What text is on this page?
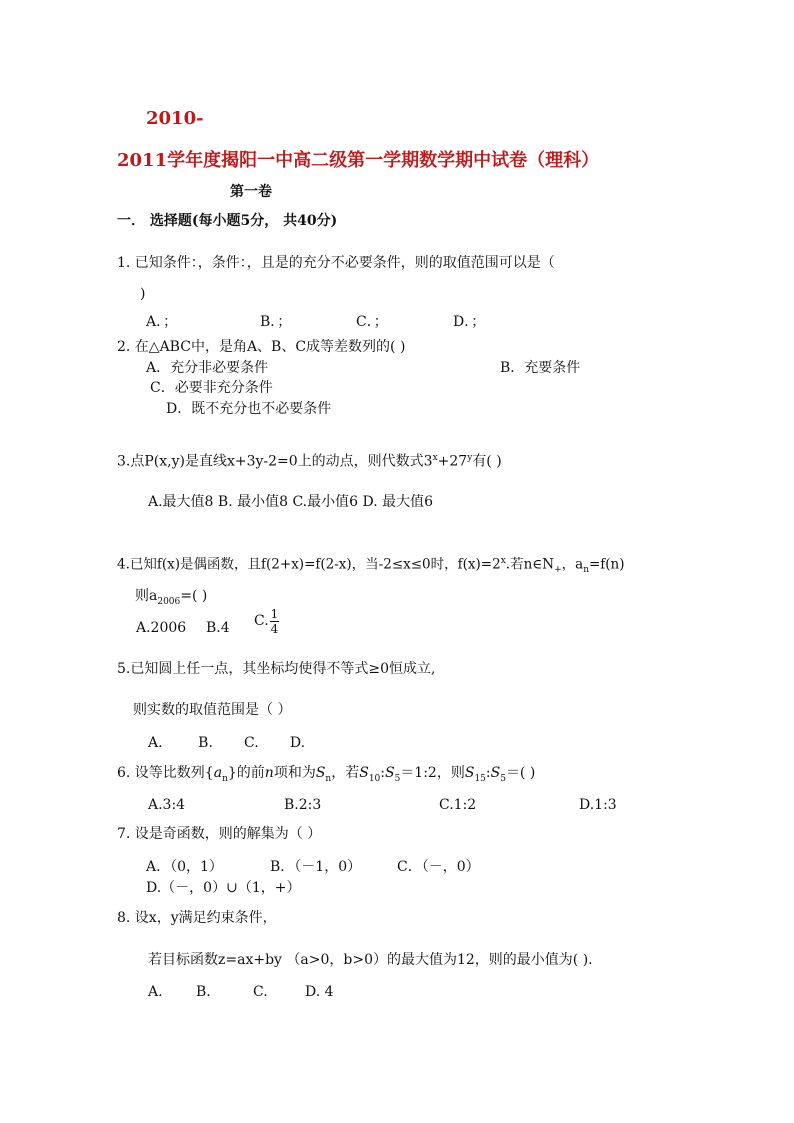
2010-
2011学年度揭阳一中高二级第一学期数学期中试卷（理科）
第一卷
一． 选择题(每小题5分， 共40分)
1. 已知条件：，条件：，且是的充分不必要条件，则的取值范围可以是（
)
A．；	B．；	C．；	D．；
2. 在△ABC中，是角A、B、C成等差数列的( )
A．充分非必要条件	B．充要条件
C．必要非充分条件
D．既不充分也不必要条件
3.点P(x,y)是直线x+3y-2=0上的动点，则代数式$3^x+27^y$有( )
A.最大值8 B. 最小值8 C.最小值6 D. 最大值6
4.已知f(x)是偶函数，且f(2+x)=f(2-x)，当-2≤x≤0时，$f(x)=2^x$.若$n\in N_+$，$a_n=f(n)$
则$a_{2006}=$( )
A.2006 B.4 C. $\frac{1}{4}$
5.已知圆上任一点，其坐标均使得不等式≥0恒成立,
则实数的取值范围是（ ）
A.        B.       C.       D.
6. 设等比数列$\{a_n\}$的前n项和为$S_n$，若$S_{10}:S_5=1:2$，则$S_{15}:S_5=$( )
A.3:4	B.2:3	C.1:2	D.1:3
7. 设是奇函数，则的解集为（ ）
A．（0，1）	B．（－1，0）	C．（－，0）
D.（－，0）∪（1，+）
8. 设x，y满足约束条件，
若目标函数z=ax+by （a>0，b>0）的最大值为12，则的最小值为( ).
A. B.	C.	D. 4
